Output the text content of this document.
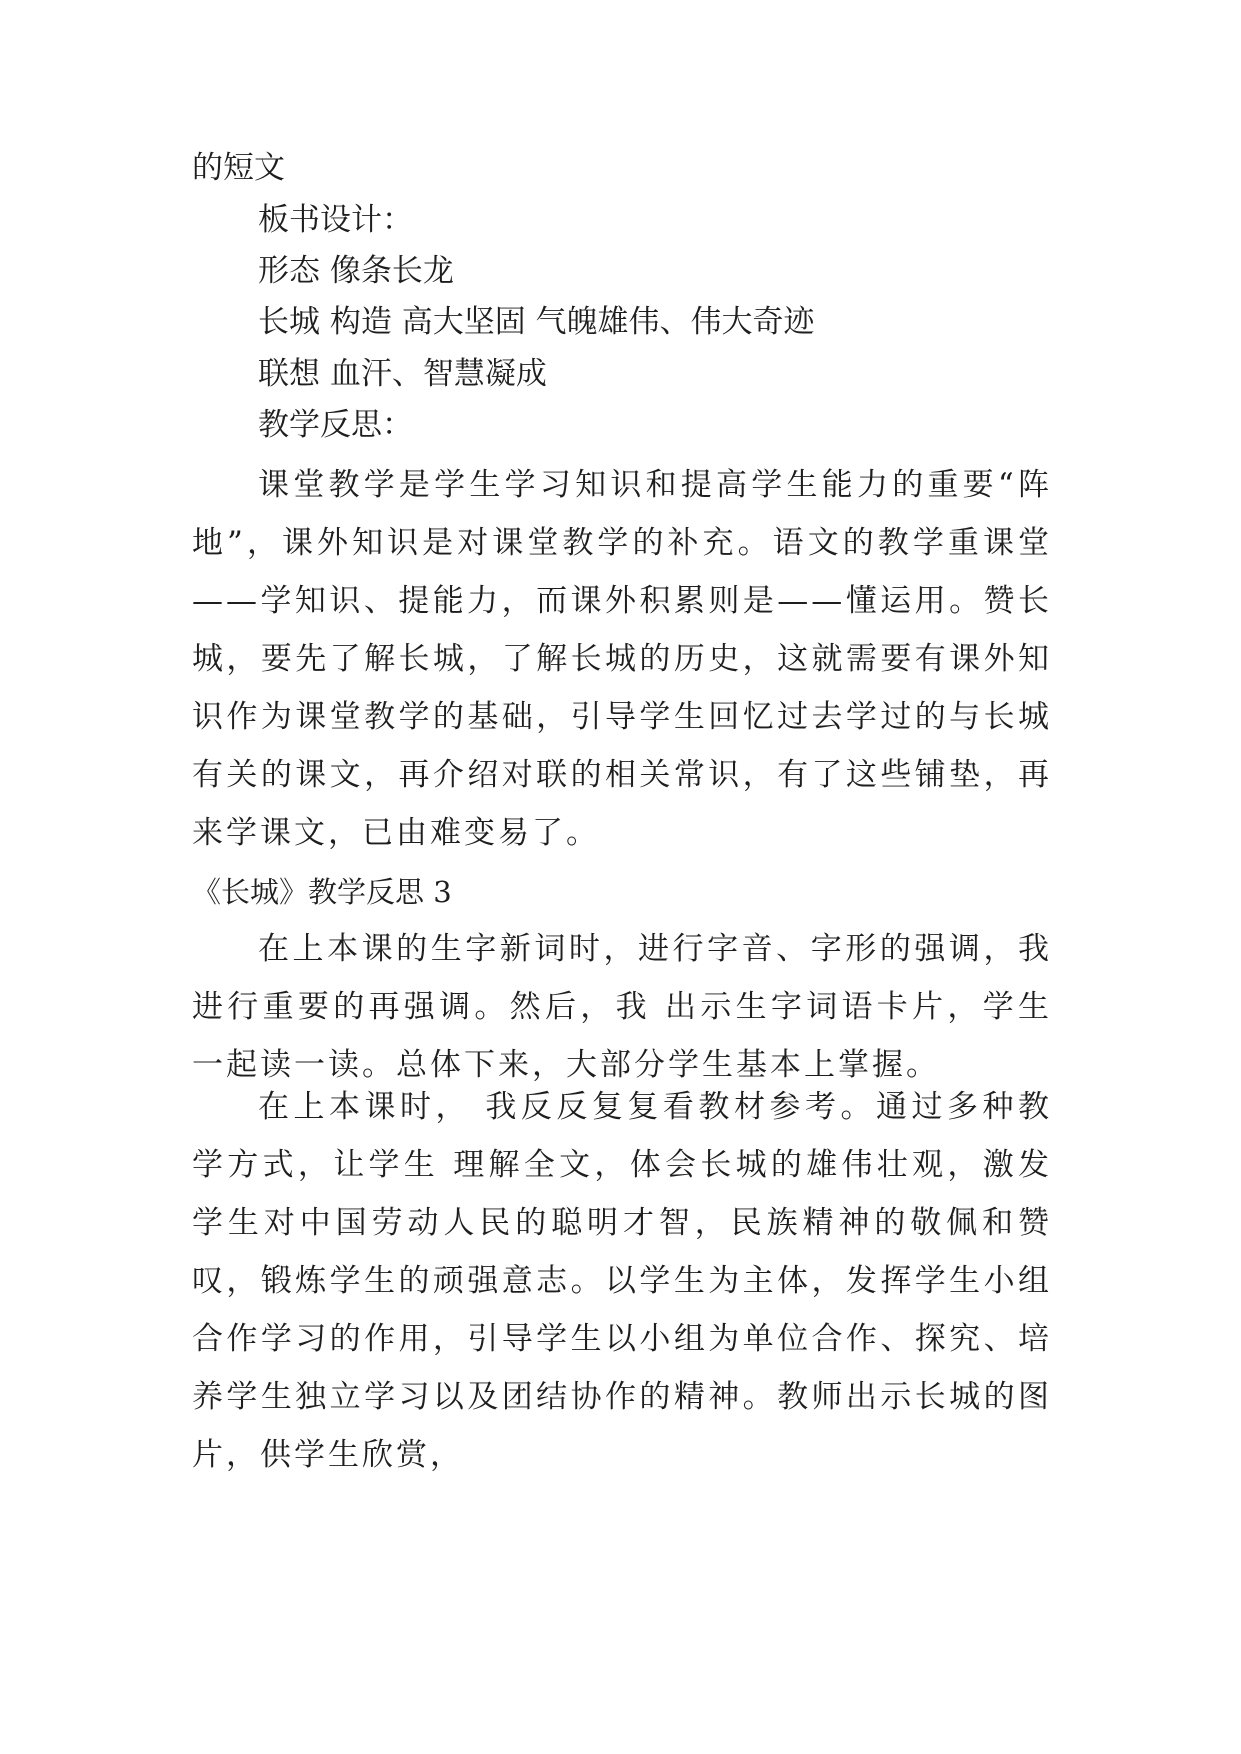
的短文

板书设计：

形态 像条长龙

长城 构造 高大坚固 气魄雄伟、伟大奇迹

联想 血汗、智慧凝成

教学反思：

课堂教学是学生学习知识和提高学生能力的重要“阵地”，课外知识是对课堂教学的补充。语文的教学重课堂——学知识、提能力，而课外积累则是——懂运用。赞长城，要先了解长城，了解长城的历史，这就需要有课外知识作为课堂教学的基础，引导学生回忆过去学过的与长城有关的课文，再介绍对联的相关常识，有了这些铺垫，再来学课文，已由难变易了。

《长城》教学反思 3

在上本课的生字新词时，进行字音、字形的强调，我进行重要的再强调。然后，我 出示生字词语卡片，学生一起读一读。总体下来，大部分学生基本上掌握。

在上本课时， 我反反复复看教材参考。通过多种教学方式，让学生 理解全文，体会长城的雄伟壮观，激发学生对中国劳动人民的聪明才智，民族精神的敬佩和赞叹，锻炼学生的顽强意志。以学生为主体，发挥学生小组合作学习的作用，引导学生以小组为单位合作、探究、培养学生独立学习以及团结协作的精神。教师出示长城的图片，供学生欣赏，
